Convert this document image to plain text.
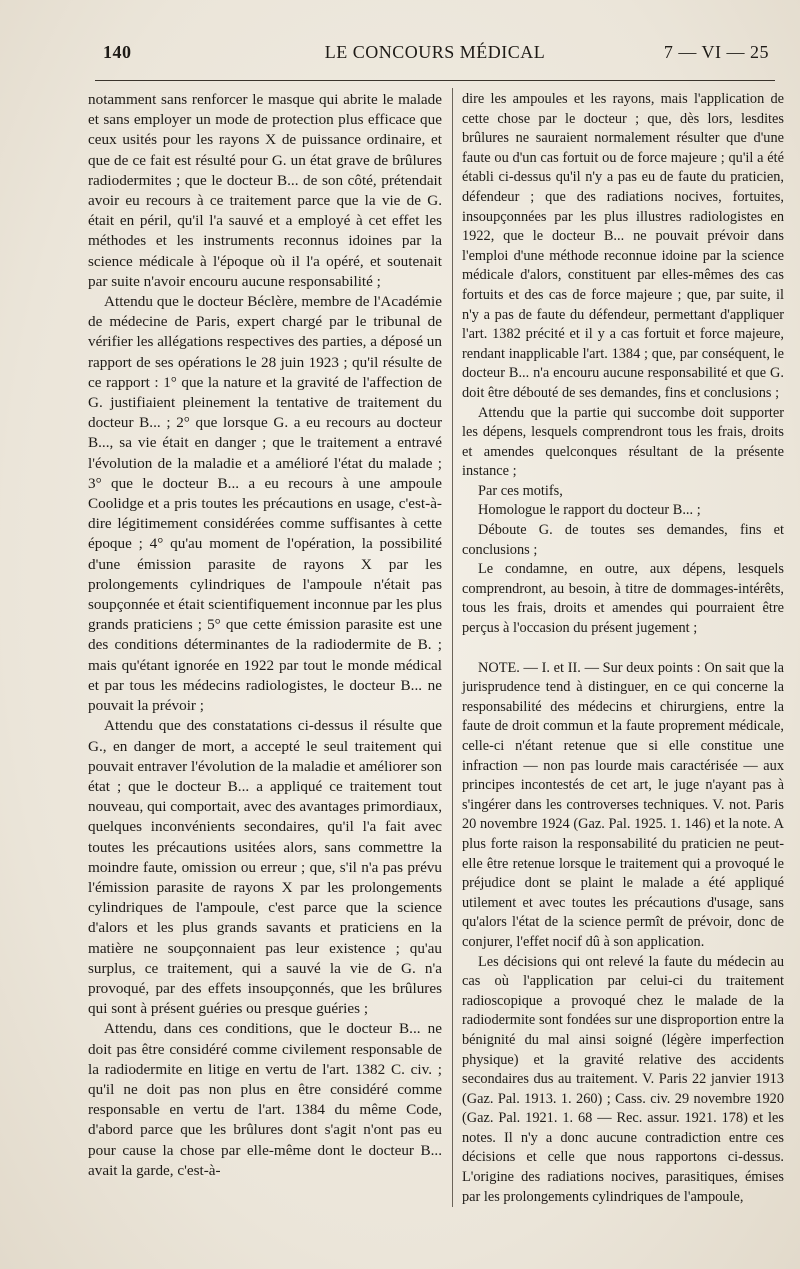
140	LE CONCOURS MÉDICAL	7 — VI — 25

notamment sans renforcer le masque qui abrite le malade et sans employer un mode de protection plus efficace que ceux usités pour les rayons X de puissance ordinaire, et que de ce fait est résulté pour G. un état grave de brûlures radiodermites ; que le docteur B... de son côté, prétendait avoir eu recours à ce traitement parce que la vie de G. était en péril, qu'il l'a sauvé et a employé à cet effet les méthodes et les instruments reconnus idoines par la science médicale à l'époque où il l'a opéré, et soutenait par suite n'avoir encouru aucune responsabilité ;

Attendu que le docteur Béclère, membre de l'Académie de médecine de Paris, expert chargé par le tribunal de vérifier les allégations respectives des parties, a déposé un rapport de ses opérations le 28 juin 1923 ; qu'il résulte de ce rapport : 1° que la nature et la gravité de l'affection de G. justifiaient pleinement la tentative de traitement du docteur B... ; 2° que lorsque G. a eu recours au docteur B..., sa vie était en danger ; que le traitement a entravé l'évolution de la maladie et a amélioré l'état du malade ; 3° que le docteur B... a eu recours à une ampoule Coolidge et a pris toutes les précautions en usage, c'est-à-dire légitimement considérées comme suffisantes à cette époque ; 4° qu'au moment de l'opération, la possibilité d'une émission parasite de rayons X par les prolongements cylindriques de l'ampoule n'était pas soupçonnée et était scientifiquement inconnue par les plus grands praticiens ; 5° que cette émission parasite est une des conditions déterminantes de la radiodermite de B. ; mais qu'étant ignorée en 1922 par tout le monde médical et par tous les médecins radiologistes, le docteur B... ne pouvait la prévoir ;

Attendu que des constatations ci-dessus il résulte que G., en danger de mort, a accepté le seul traitement qui pouvait entraver l'évolution de la maladie et améliorer son état ; que le docteur B... a appliqué ce traitement tout nouveau, qui comportait, avec des avantages primordiaux, quelques inconvénients secondaires, qu'il l'a fait avec toutes les précautions usitées alors, sans commettre la moindre faute, omission ou erreur ; que, s'il n'a pas prévu l'émission parasite de rayons X par les prolongements cylindriques de l'ampoule, c'est parce que la science d'alors et les plus grands savants et praticiens en la matière ne soupçonnaient pas leur existence ; qu'au surplus, ce traitement, qui a sauvé la vie de G. n'a provoqué, par des effets insoupçonnés, que les brûlures qui sont à présent guéries ou presque guéries ;

Attendu, dans ces conditions, que le docteur B... ne doit pas être considéré comme civilement responsable de la radiodermite en litige en vertu de l'art. 1382 C. civ. ; qu'il ne doit pas non plus en être considéré comme responsable en vertu de l'art. 1384 du même Code, d'abord parce que les brûlures dont s'agit n'ont pas eu pour cause la chose par elle-même dont le docteur B... avait la garde, c'est-à-

dire les ampoules et les rayons, mais l'application de cette chose par le docteur ; que, dès lors, lesdites brûlures ne sauraient normalement résulter que d'une faute ou d'un cas fortuit ou de force majeure ; qu'il a été établi ci-dessus qu'il n'y a pas eu de faute du praticien, défendeur ; que des radiations nocives, fortuites, insoupçonnées par les plus illustres radiologistes en 1922, que le docteur B... ne pouvait prévoir dans l'emploi d'une méthode reconnue idoine par la science médicale d'alors, constituent par elles-mêmes des cas fortuits et des cas de force majeure ; que, par suite, il n'y a pas de faute du défendeur, permettant d'appliquer l'art. 1382 précité et il y a cas fortuit et force majeure, rendant inapplicable l'art. 1384 ; que, par conséquent, le docteur B... n'a encouru aucune responsabilité et que G. doit être débouté de ses demandes, fins et conclusions ;

Attendu que la partie qui succombe doit supporter les dépens, lesquels comprendront tous les frais, droits et amendes quelconques résultant de la présente instance ;

Par ces motifs,

Homologue le rapport du docteur B... ;

Déboute G. de toutes ses demandes, fins et conclusions ;

Le condamne, en outre, aux dépens, lesquels comprendront, au besoin, à titre de dommages-intérêts, tous les frais, droits et amendes qui pourraient être perçus à l'occasion du présent jugement ;

NOTE. — I. et II. — Sur deux points : On sait que la jurisprudence tend à distinguer, en ce qui concerne la responsabilité des médecins et chirurgiens, entre la faute de droit commun et la faute proprement médicale, celle-ci n'étant retenue que si elle constitue une infraction — non pas lourde mais caractérisée — aux principes incontestés de cet art, le juge n'ayant pas à s'ingérer dans les controverses techniques. V. not. Paris 20 novembre 1924 (Gaz. Pal. 1925. 1. 146) et la note. A plus forte raison la responsabilité du praticien ne peut-elle être retenue lorsque le traitement qui a provoqué le préjudice dont se plaint le malade a été appliqué utilement et avec toutes les précautions d'usage, sans qu'alors l'état de la science permît de prévoir, donc de conjurer, l'effet nocif dû à son application.

Les décisions qui ont relevé la faute du médecin au cas où l'application par celui-ci du traitement radioscopique a provoqué chez le malade de la radiodermite sont fondées sur une disproportion entre la bénignité du mal ainsi soigné (légère imperfection physique) et la gravité relative des accidents secondaires dus au traitement. V. Paris 22 janvier 1913 (Gaz. Pal. 1913. 1. 260) ; Cass. civ. 29 novembre 1920 (Gaz. Pal. 1921. 1. 68 — Rec. assur. 1921. 178) et les notes. Il n'y a donc aucune contradiction entre ces décisions et celle que nous rapportons ci-dessus. L'origine des radiations nocives, parasitiques, émises par les prolongements cylindriques de l'ampoule,
